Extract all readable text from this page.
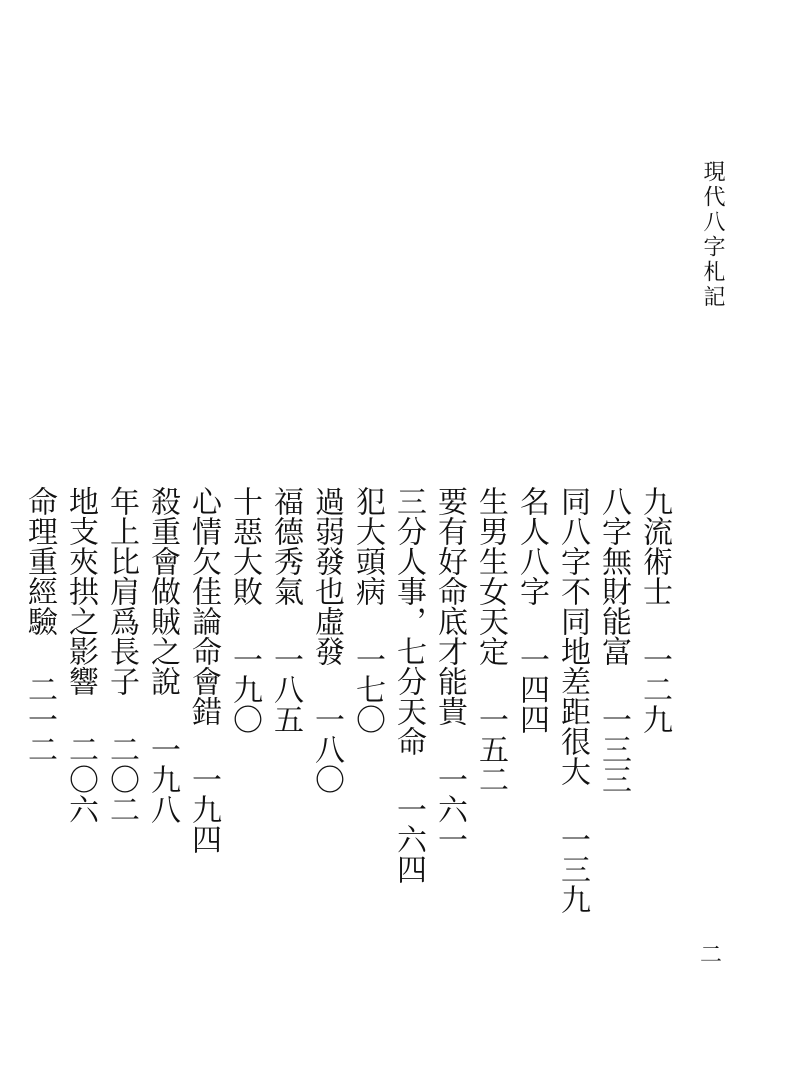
現代八字札記
二
九流術士
一二九
八字無財能富
一三三
同八字不同地差距很大
一三九
名人八字
一四四
生男生女天定
一五二
要有好命底才能貴
一六一
三分人事，七分天命
一六四
犯大頭病
一七〇
過弱發也虛發
一八〇
福德秀氣
一八五
十惡大敗
一九〇
心情欠佳論命會錯
一九四
殺重會做賊之說
一九八
年上比肩爲長子
二〇二
地支夾拱之影響
二〇六
命理重經驗
二一二
